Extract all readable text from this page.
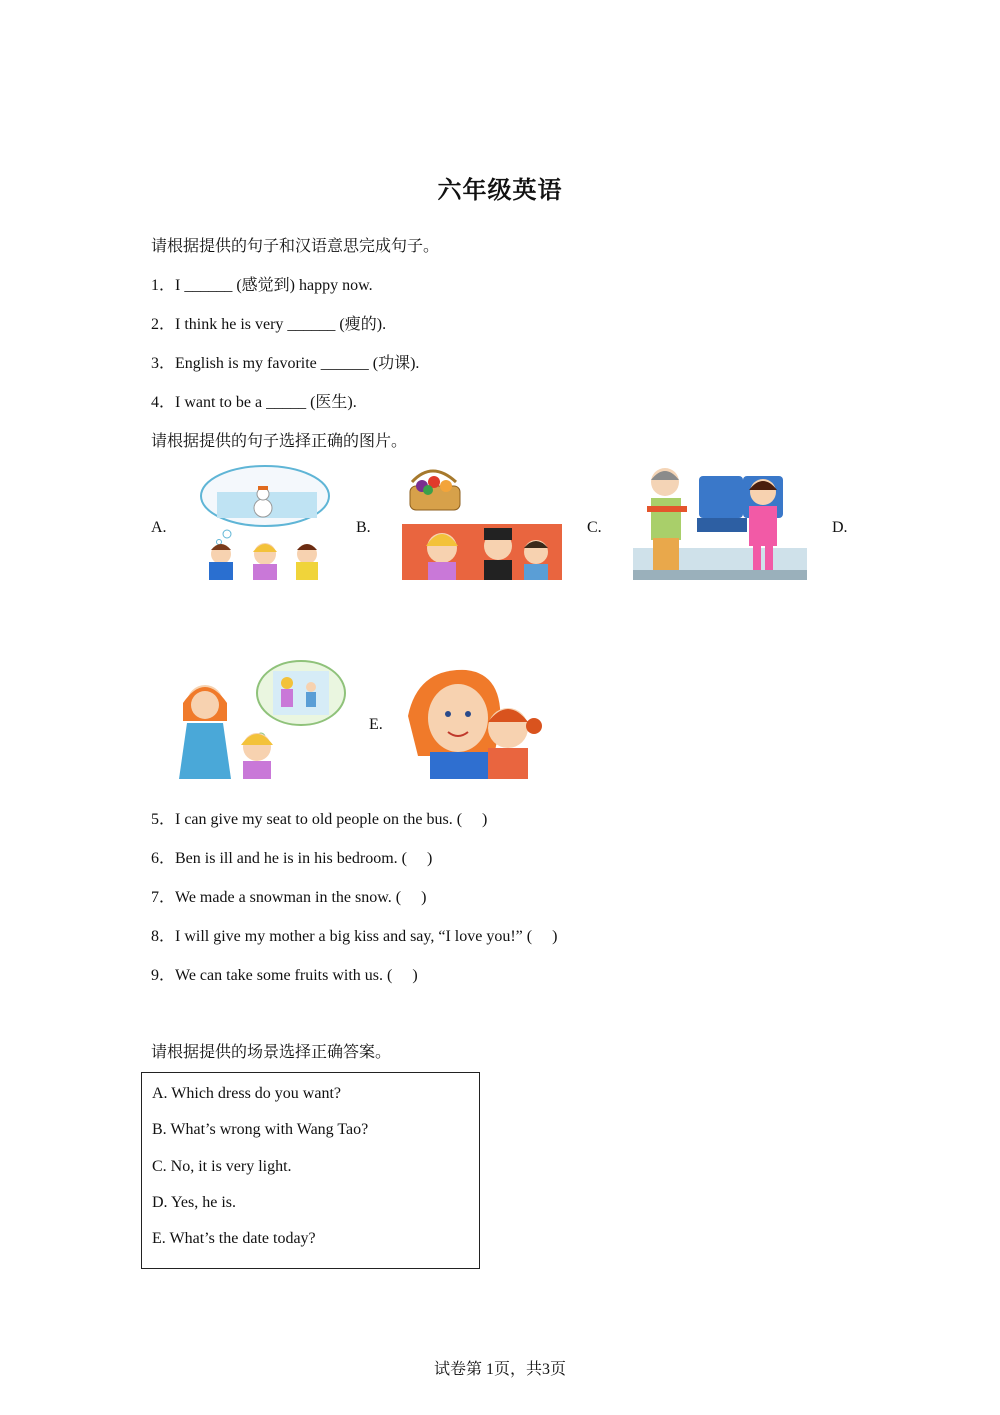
六年级英语
请根据提供的句子和汉语意思完成句子。
1．I ______ (感觉到) happy now.
2．I think he is very ______ (瘦的).
3．English is my favorite ______ (功课).
4．I want to be a _____ (医生).
请根据提供的句子选择正确的图片。
A.	B.	C.	D.
E.
5．I can give my seat to old people on the bus. (     )
6．Ben is ill and he is in his bedroom. (     )
7．We made a snowman in the snow. (     )
8．I will give my mother a big kiss and say, “I love you!” (     )
9．We can take some fruits with us. (     )
请根据提供的场景选择正确答案。
A. Which dress do you want?
B. What’s wrong with Wang Tao?
C. No, it is very light.
D. Yes, he is.
E. What’s the date today?
试卷第 1页，共3页
